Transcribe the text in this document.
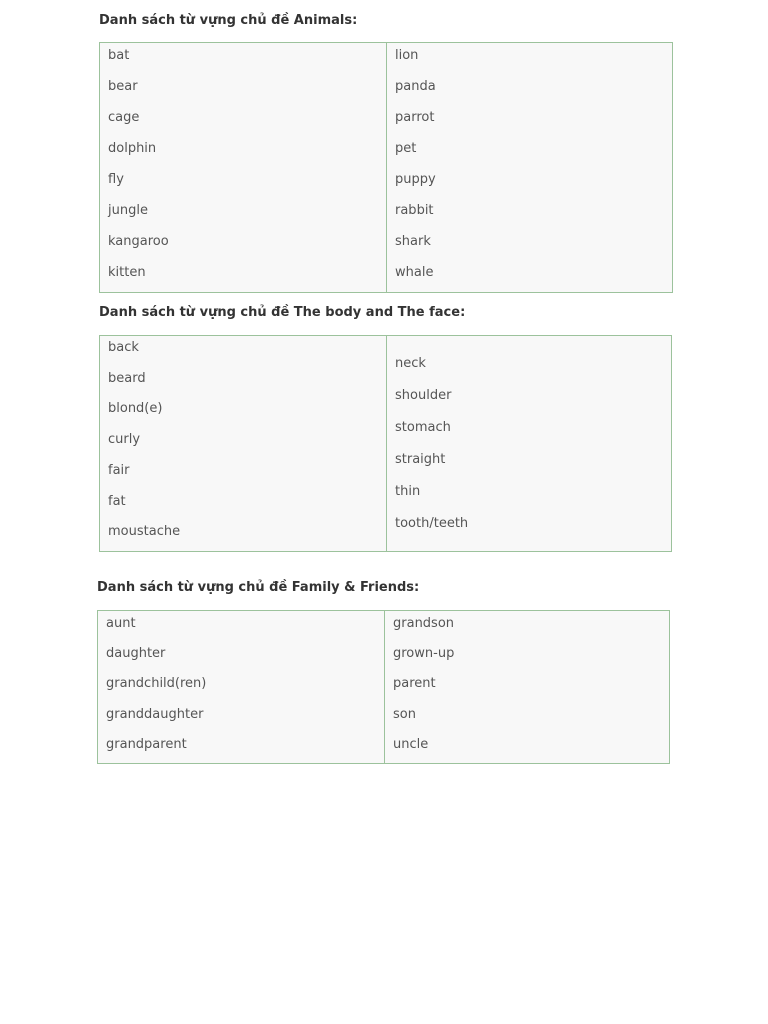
Danh sách từ vựng chủ đề Animals:
bat
bear
cage
dolphin
fly
jungle
kangaroo
kitten
lion
panda
parrot
pet
puppy
rabbit
shark
whale
Danh sách từ vựng chủ đề The body and The face:
back
beard
blond(e)
curly
fair
fat
moustache
neck
shoulder
stomach
straight
thin
tooth/teeth
Danh sách từ vựng chủ đề Family & Friends:
aunt
daughter
grandchild(ren)
granddaughter
grandparent
grandson
grown-up
parent
son
uncle
